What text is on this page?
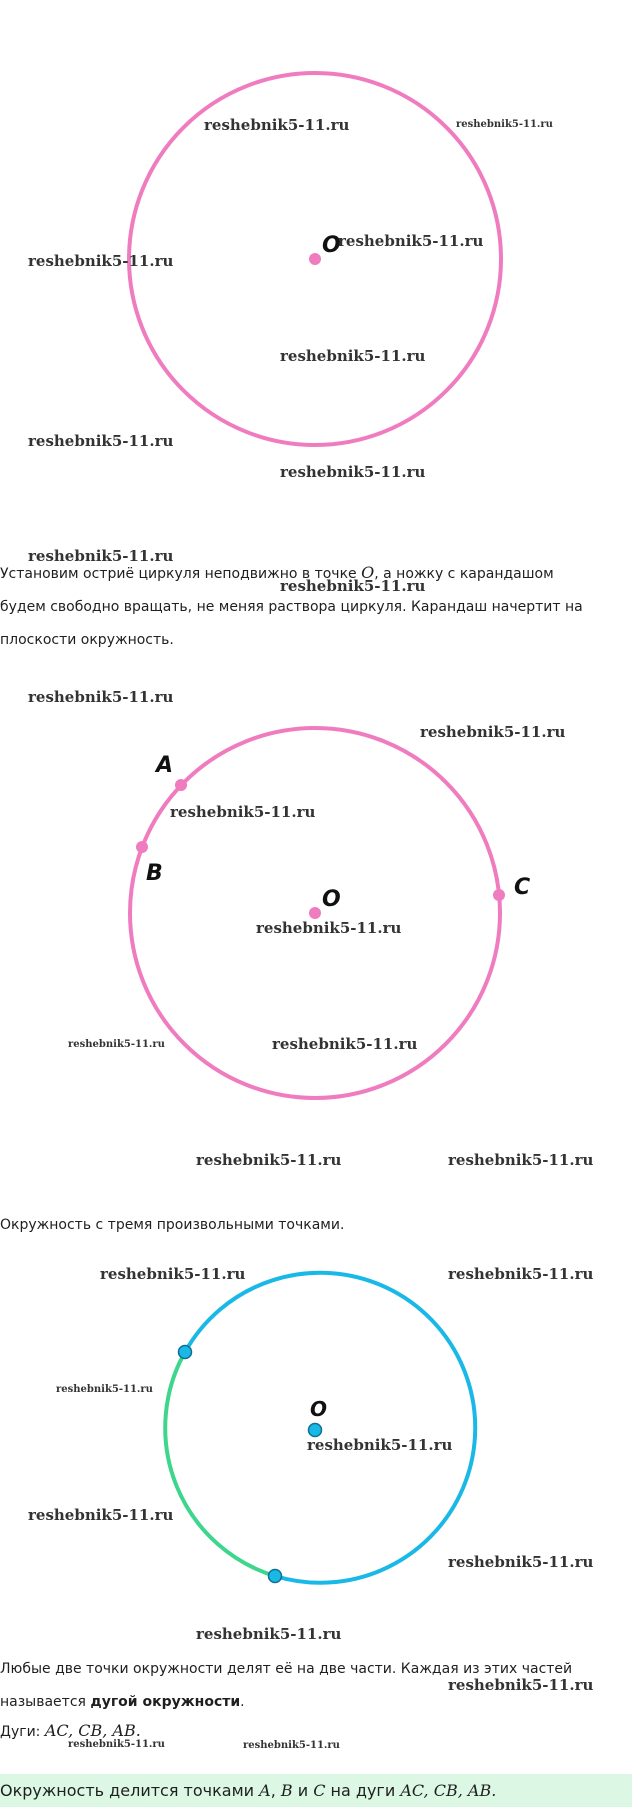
O
reshebnik5-11.ru	reshebnik5-11.ru
reshebnik5-11.ru
reshebnik5-11.ru
reshebnik5-11.ru
reshebnik5-11.ru
reshebnik5-11.ru
reshebnik5-11.ru
reshebnik5-11.ru
Установим остриё циркуля неподвижно в точке O, а ножку с карандашом
будем свободно вращать, не меняя раствора циркуля. Карандаш начертит на
плоскости окружность.
reshebnik5-11.ru
A
B
C
O
reshebnik5-11.ru
reshebnik5-11.ru
reshebnik5-11.ru
reshebnik5-11.ru	reshebnik5-11.ru
reshebnik5-11.ru	reshebnik5-11.ru
Окружность с тремя произвольными точками.
O
reshebnik5-11.ru	reshebnik5-11.ru
reshebnik5-11.ru
reshebnik5-11.ru
reshebnik5-11.ru
reshebnik5-11.ru
reshebnik5-11.ru
Любые две точки окружности делят её на две части. Каждая из этих частей
называется дугой окружности.
reshebnik5-11.ru
Дуги: AC, CB, AB.
reshebnik5-11.ru	reshebnik5-11.ru
Окружность делится точками A, B и C на дуги AC, CB, AB.
